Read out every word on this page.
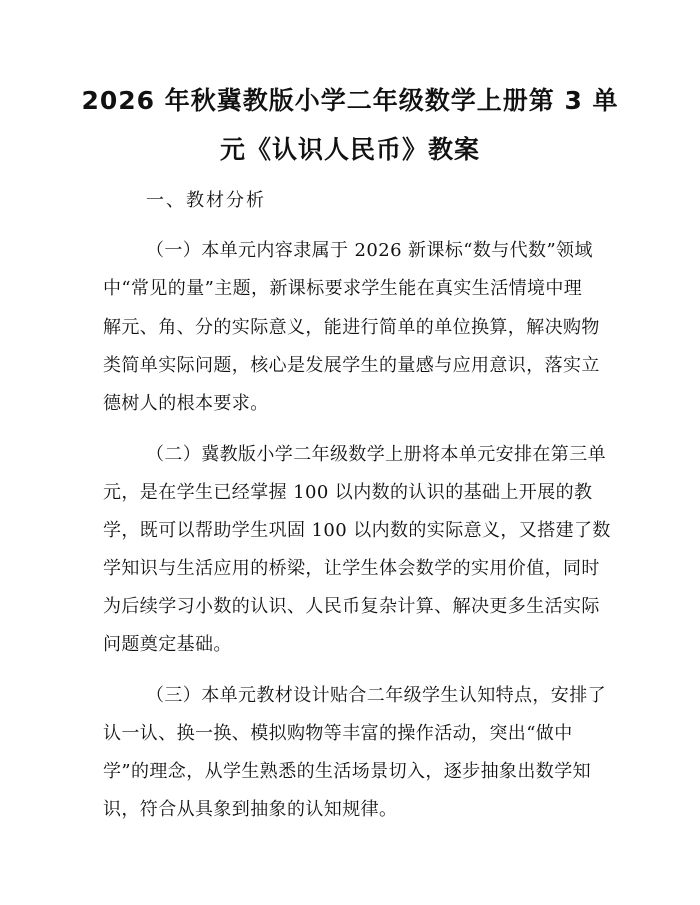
2026 年秋冀教版小学二年级数学上册第 3 单
元《认识人民币》教案
一、教材分析
（一）本单元内容隶属于 2026 新课标“数与代数”领域
中“常见的量”主题，新课标要求学生能在真实生活情境中理
解元、角、分的实际意义，能进行简单的单位换算，解决购物
类简单实际问题，核心是发展学生的量感与应用意识，落实立
德树人的根本要求。
（二）冀教版小学二年级数学上册将本单元安排在第三单
元，是在学生已经掌握 100 以内数的认识的基础上开展的教
学，既可以帮助学生巩固 100 以内数的实际意义，又搭建了数
学知识与生活应用的桥梁，让学生体会数学的实用价值，同时
为后续学习小数的认识、人民币复杂计算、解决更多生活实际
问题奠定基础。
（三）本单元教材设计贴合二年级学生认知特点，安排了
认一认、换一换、模拟购物等丰富的操作活动，突出“做中
学”的理念，从学生熟悉的生活场景切入，逐步抽象出数学知
识，符合从具象到抽象的认知规律。
